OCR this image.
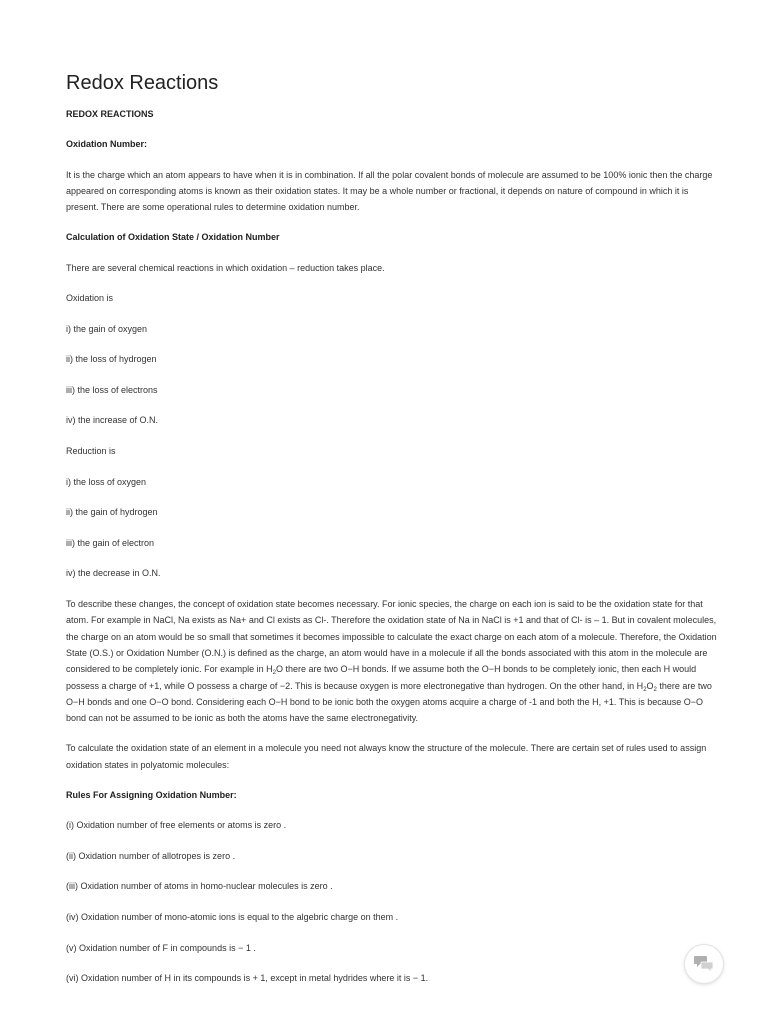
Redox Reactions

REDOX REACTIONS

Oxidation Number:

It is the charge which an atom appears to have when it is in combination. If all the polar covalent bonds of molecule are assumed to be 100% ionic then the charge appeared on corresponding atoms is known as their oxidation states. It may be a whole number or fractional, it depends on nature of compound in which it is present. There are some operational rules to determine oxidation number.

Calculation of Oxidation State / Oxidation Number

There are several chemical reactions in which oxidation – reduction takes place.

Oxidation is

i) the gain of oxygen

ii) the loss of hydrogen

iii) the loss of electrons

iv) the increase of O.N.

Reduction is

i) the loss of oxygen

ii) the gain of hydrogen

iii) the gain of electron

iv) the decrease in O.N.

To describe these changes, the concept of oxidation state becomes necessary. For ionic species, the charge on each ion is said to be the oxidation state for that atom. For example in NaCl, Na exists as Na+ and Cl exists as Cl-. Therefore the oxidation state of Na in NaCl is +1 and that of Cl- is – 1. But in covalent molecules, the charge on an atom would be so small that sometimes it becomes impossible to calculate the exact charge on each atom of a molecule. Therefore, the Oxidation State (O.S.) or Oxidation Number (O.N.) is defined as the charge, an atom would have in a molecule if all the bonds associated with this atom in the molecule are considered to be completely ionic. For example in $H_2O$ there are two O−H bonds. If we assume both the O−H bonds to be completely ionic, then each H would possess a charge of +1, while O possess a charge of −2. This is because oxygen is more electronegative than hydrogen. On the other hand, in $H_2O_2$ there are two O−H bonds and one O−O bond. Considering each O−H bond to be ionic both the oxygen atoms acquire a charge of -1 and both the H, +1. This is because O−O bond can not be assumed to be ionic as both the atoms have the same electronegativity.

To calculate the oxidation state of an element in a molecule you need not always know the structure of the molecule. There are certain set of rules used to assign oxidation states in polyatomic molecules:

Rules For Assigning Oxidation Number:

(i) Oxidation number of free elements or atoms is zero .

(ii) Oxidation number of allotropes is zero .

(iii) Oxidation number of atoms in homo-nuclear molecules is zero .

(iv) Oxidation number of mono-atomic ions is equal to the algebric charge on them .

(v) Oxidation number of F in compounds is − 1 .

(vi) Oxidation number of H in its compounds is + 1, except in metal hydrides where it is − 1.
